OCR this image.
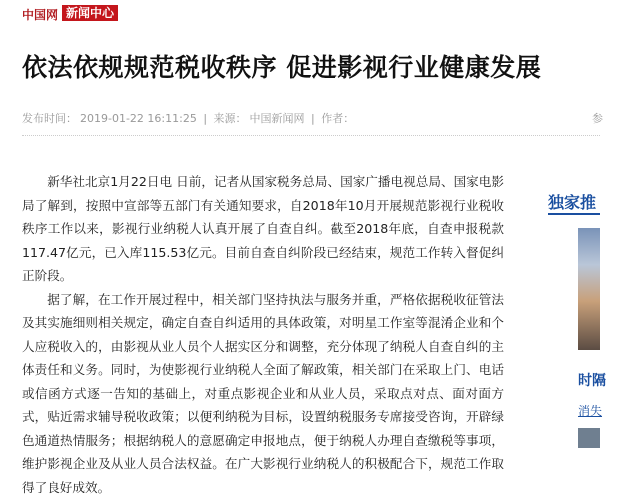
中国网 新闻中心
依法依规规范税收秩序 促进影视行业健康发展
发布时间： 2019-01-22 16:11:25 | 来源： 中国新闻网 | 作者：	参

新华社北京1月22日电 日前，记者从国家税务总局、国家广播电视总局、国家电影局了解到，按照中宣部等五部门有关通知要求，自2018年10月开展规范影视行业税收秩序工作以来，影视行业纳税人认真开展了自查自纠。截至2018年底，自查申报税款117.47亿元，已入库115.53亿元。目前自查自纠阶段已经结束，规范工作转入督促纠正阶段。

据了解，在工作开展过程中，相关部门坚持执法与服务并重，严格依据税收征管法及其实施细则相关规定，确定自查自纠适用的具体政策，对明星工作室等混淆企业和个人应税收入的，由影视从业人员个人据实区分和调整，充分体现了纳税人自查自纠的主体责任和义务。同时，为使影视行业纳税人全面了解政策，相关部门在采取上门、电话或信函方式逐一告知的基础上，对重点影视企业和从业人员，采取点对点、面对面方式，贴近需求辅导税收政策；以便利纳税为目标，设置纳税服务专席接受咨询，开辟绿色通道热情服务；根据纳税人的意愿确定申报地点，便于纳税人办理自查缴税等事项，维护影视企业及从业人员合法权益。在广大影视行业纳税人的积极配合下，规范工作取得了良好成效。

独家推
时隔
消失
